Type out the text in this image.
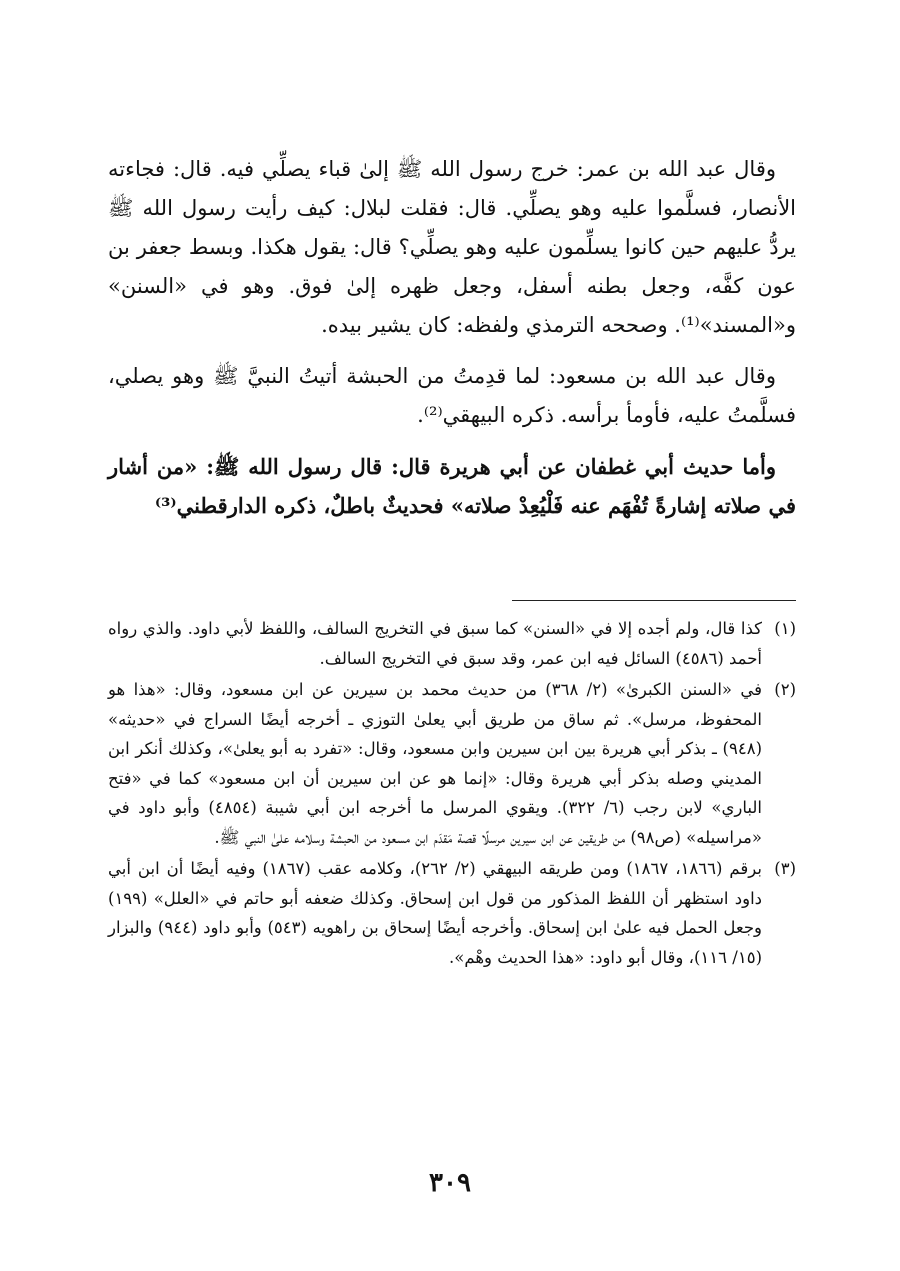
وقال عبد الله بن عمر: خرج رسول الله ﷺ إلىٰ قباء يصلِّي فيه. قال: فجاءته الأنصار، فسلَّموا عليه وهو يصلِّي. قال: فقلت لبلال: كيف رأيت رسول الله ﷺ يردُّ عليهم حين كانوا يسلِّمون عليه وهو يصلِّي؟ قال: يقول هكذا. وبسط جعفر بن عون كفَّه، وجعل بطنه أسفل، وجعل ظهره إلىٰ فوق. وهو في «السنن» و«المسند»⁽¹⁾. وصححه الترمذي ولفظه: كان يشير بيده.

وقال عبد الله بن مسعود: لما قدِمتُ من الحبشة أتيتُ النبيَّ ﷺ وهو يصلي، فسلَّمتُ عليه، فأومأ برأسه. ذكره البيهقي⁽²⁾.

وأما حديث أبي غطفان عن أبي هريرة قال: قال رسول الله ﷺ: «من أشار في صلاته إشارةً تُفْهَم عنه فَلْيُعِدْ صلاته» فحديثٌ باطلٌ، ذكره الدارقطني⁽³⁾

(١)
كذا قال، ولم أجده إلا في «السنن» كما سبق في التخريج السالف، واللفظ لأبي داود. والذي رواه أحمد (٤٥٨٦) السائل فيه ابن عمر، وقد سبق في التخريج السالف.
(٢)
في «السنن الكبرىٰ» (٢/ ٣٦٨) من حديث محمد بن سيرين عن ابن مسعود، وقال: «هذا هو المحفوظ، مرسل». ثم ساق من طريق أبي يعلىٰ التوزي ـ أخرجه أيضًا السراج في «حديثه» (٩٤٨) ـ بذكر أبي هريرة بين ابن سيرين وابن مسعود، وقال: «تفرد به أبو يعلىٰ»، وكذلك أنكر ابن المديني وصله بذكر أبي هريرة وقال: «إنما هو عن ابن سيرين أن ابن مسعود» كما في «فتح الباري» لابن رجب (٦/ ٣٢٢). ويقوي المرسل ما أخرجه ابن أبي شيبة (٤٨٥٤) وأبو داود في «مراسيله» (ص٩٨) من طريقين عن ابن سيرين مرسلًا قصة مَقدَم ابن مسعود من الحبشة وسلامه علىٰ النبي ﷺ.
(٣)
برقم (١٨٦٦، ١٨٦٧) ومن طريقه البيهقي (٢/ ٢٦٢)، وكلامه عقب (١٨٦٧) وفيه أيضًا أن ابن أبي داود استظهر أن اللفظ المذكور من قول ابن إسحاق. وكذلك ضعفه أبو حاتم في «العلل» (١٩٩) وجعل الحمل فيه علىٰ ابن إسحاق. وأخرجه أيضًا إسحاق بن راهويه (٥٤٣) وأبو داود (٩٤٤) والبزار (١٥/ ١١٦)، وقال أبو داود: «هذا الحديث وهْم».
٣٠٩
